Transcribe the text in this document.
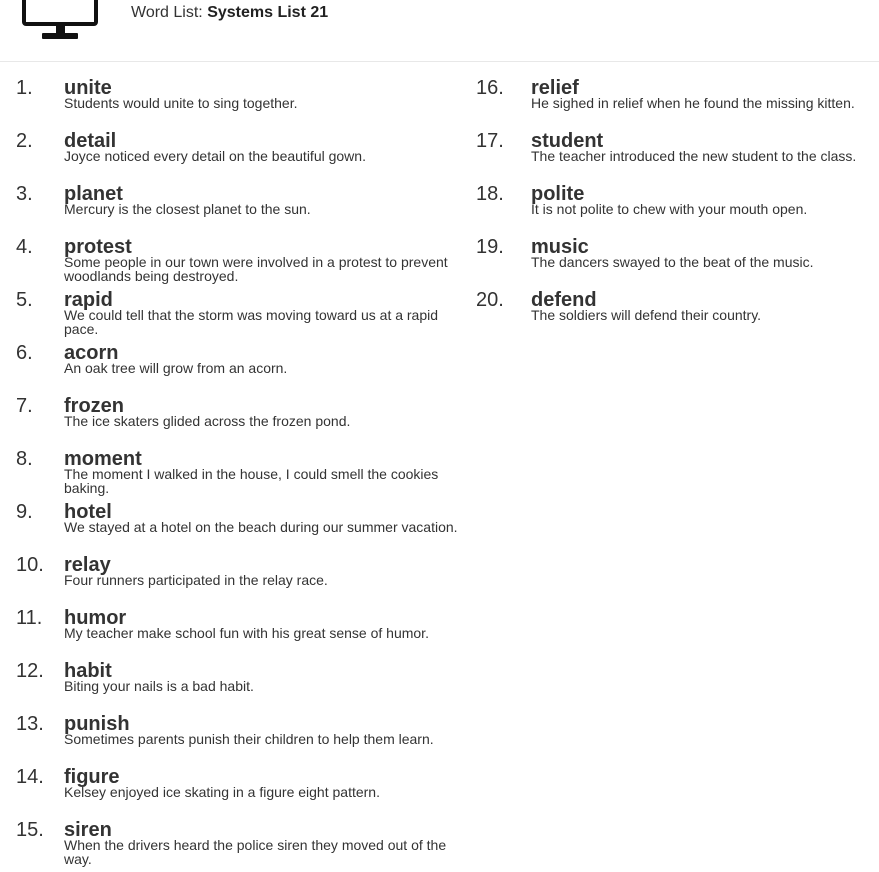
Word List: Systems List 21
1. unite
Students would unite to sing together.
2. detail
Joyce noticed every detail on the beautiful gown.
3. planet
Mercury is the closest planet to the sun.
4. protest
Some people in our town were involved in a protest to prevent woodlands being destroyed.
5. rapid
We could tell that the storm was moving toward us at a rapid pace.
6. acorn
An oak tree will grow from an acorn.
7. frozen
The ice skaters glided across the frozen pond.
8. moment
The moment I walked in the house, I could smell the cookies baking.
9. hotel
We stayed at a hotel on the beach during our summer vacation.
10. relay
Four runners participated in the relay race.
11. humor
My teacher make school fun with his great sense of humor.
12. habit
Biting your nails is a bad habit.
13. punish
Sometimes parents punish their children to help them learn.
14. figure
Kelsey enjoyed ice skating in a figure eight pattern.
15. siren
When the drivers heard the police siren they moved out of the way.
16. relief
He sighed in relief when he found the missing kitten.
17. student
The teacher introduced the new student to the class.
18. polite
It is not polite to chew with your mouth open.
19. music
The dancers swayed to the beat of the music.
20. defend
The soldiers will defend their country.
